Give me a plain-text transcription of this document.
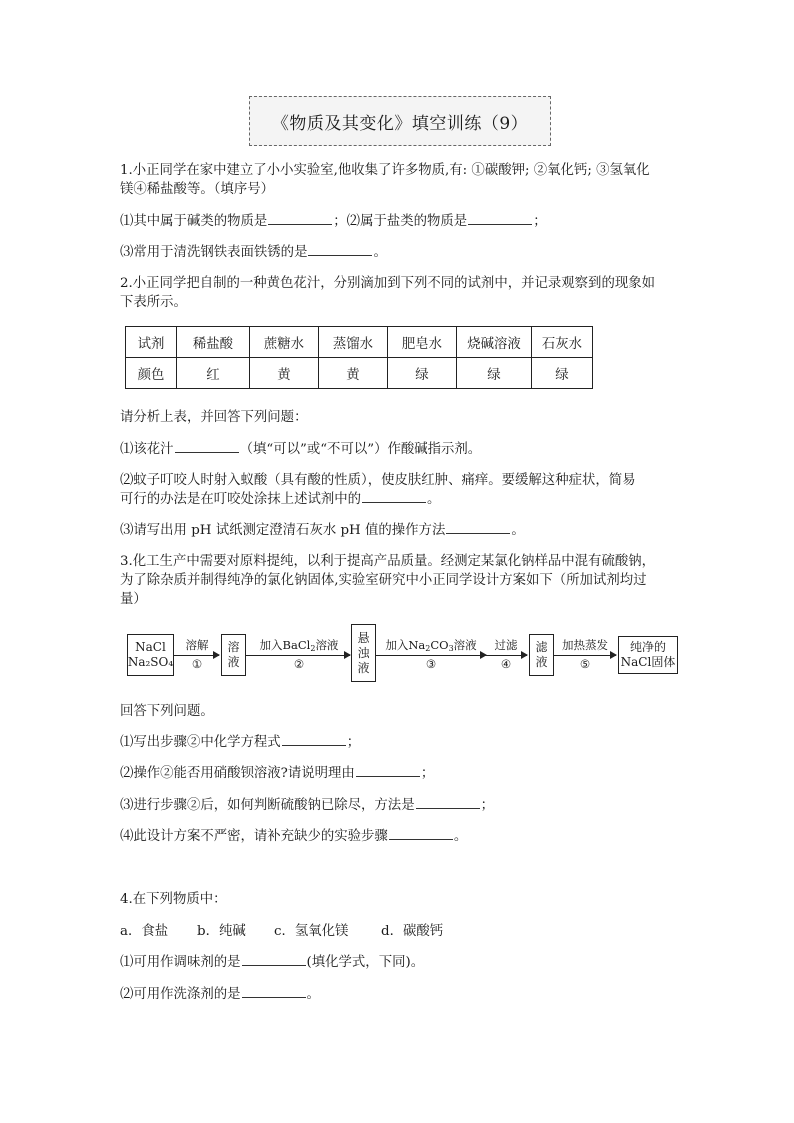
《物质及其变化》填空训练（9）
1.小正同学在家中建立了小小实验室,他收集了许多物质,有: ①碳酸钾; ②氧化钙; ③氢氧化
镁④稀盐酸等。（填序号）
⑴其中属于碱类的物质是	；⑵属于盐类的物质是	；
⑶常用于清洗钢铁表面铁锈的是	。
2.小正同学把自制的一种黄色花汁，分别滴加到下列不同的试剂中，并记录观察到的现象如
下表所示。
试剂	稀盐酸	蔗糖水	蒸馏水	肥皂水	烧碱溶液	石灰水
颜色	红	黄	黄	绿	绿	绿
请分析上表，并回答下列问题：
⑴该花汁	（填“可以”或“不可以”）作酸碱指示剂。
⑵蚊子叮咬人时射入蚁酸（具有酸的性质），使皮肤红肿、痛痒。要缓解这种症状，简易
可行的办法是在叮咬处涂抹上述试剂中的	。
⑶请写出用 pH 试纸测定澄清石灰水 pH 值的操作方法	。
3.化工生产中需要对原料提纯，以利于提高产品质量。经测定某氯化钠样品中混有硫酸钠，
为了除杂质并制得纯净的氯化钠固体,实验室研究中小正同学设计方案如下（所加试剂均过
量）
NaCl
Na₂SO₄
溶解
①
溶
液
加入BaCl$_2$溶液
②
悬
浊
液
加入$Na_2CO_3$溶液
③
过滤
④
滤
液
加热蒸发
⑤
纯净的
NaCl固体
回答下列问题。
⑴写出步骤②中化学方程式	；
⑵操作②能否用硝酸钡溶液?请说明理由	；
⑶进行步骤②后，如何判断硫酸钠已除尽，方法是	；
⑷此设计方案不严密，请补充缺少的实验步骤	。
4.在下列物质中：
a．食盐 b．纯碱 c．氢氧化镁 d．碳酸钙
⑴可用作调味剂的是	(填化学式，下同)。
⑵可用作洗涤剂的是	。
